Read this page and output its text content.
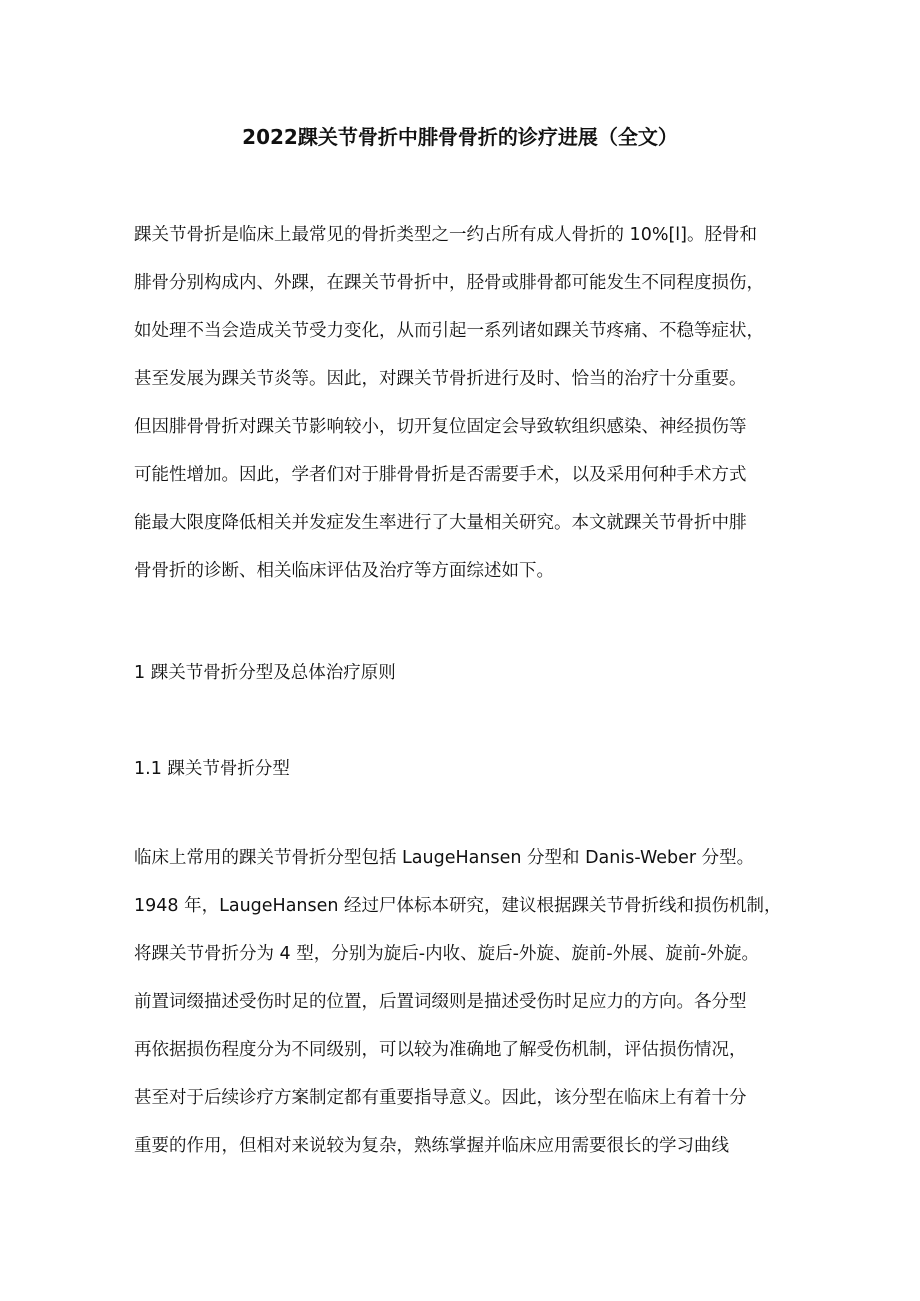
2022踝关节骨折中腓骨骨折的诊疗进展（全文）
踝关节骨折是临床上最常见的骨折类型之一约占所有成人骨折的 10%[l]。胫骨和
腓骨分别构成内、外踝，在踝关节骨折中，胫骨或腓骨都可能发生不同程度损伤，
如处理不当会造成关节受力变化，从而引起一系列诸如踝关节疼痛、不稳等症状，
甚至发展为踝关节炎等。因此，对踝关节骨折进行及时、恰当的治疗十分重要。
但因腓骨骨折对踝关节影响较小，切开复位固定会导致软组织感染、神经损伤等
可能性增加。因此，学者们对于腓骨骨折是否需要手术，以及采用何种手术方式
能最大限度降低相关并发症发生率进行了大量相关研究。本文就踝关节骨折中腓
骨骨折的诊断、相关临床评估及治疗等方面综述如下。
1 踝关节骨折分型及总体治疗原则
1.1 踝关节骨折分型
临床上常用的踝关节骨折分型包括 LaugeHansen 分型和 Danis-Weber 分型。
1948 年，LaugeHansen 经过尸体标本研究，建议根据踝关节骨折线和损伤机制，
将踝关节骨折分为 4 型，分别为旋后-内收、旋后-外旋、旋前-外展、旋前-外旋。
前置词缀描述受伤时足的位置，后置词缀则是描述受伤时足应力的方向。各分型
再依据损伤程度分为不同级别，可以较为准确地了解受伤机制，评估损伤情况，
甚至对于后续诊疗方案制定都有重要指导意义。因此，该分型在临床上有着十分
重要的作用，但相对来说较为复杂，熟练掌握并临床应用需要很长的学习曲线
